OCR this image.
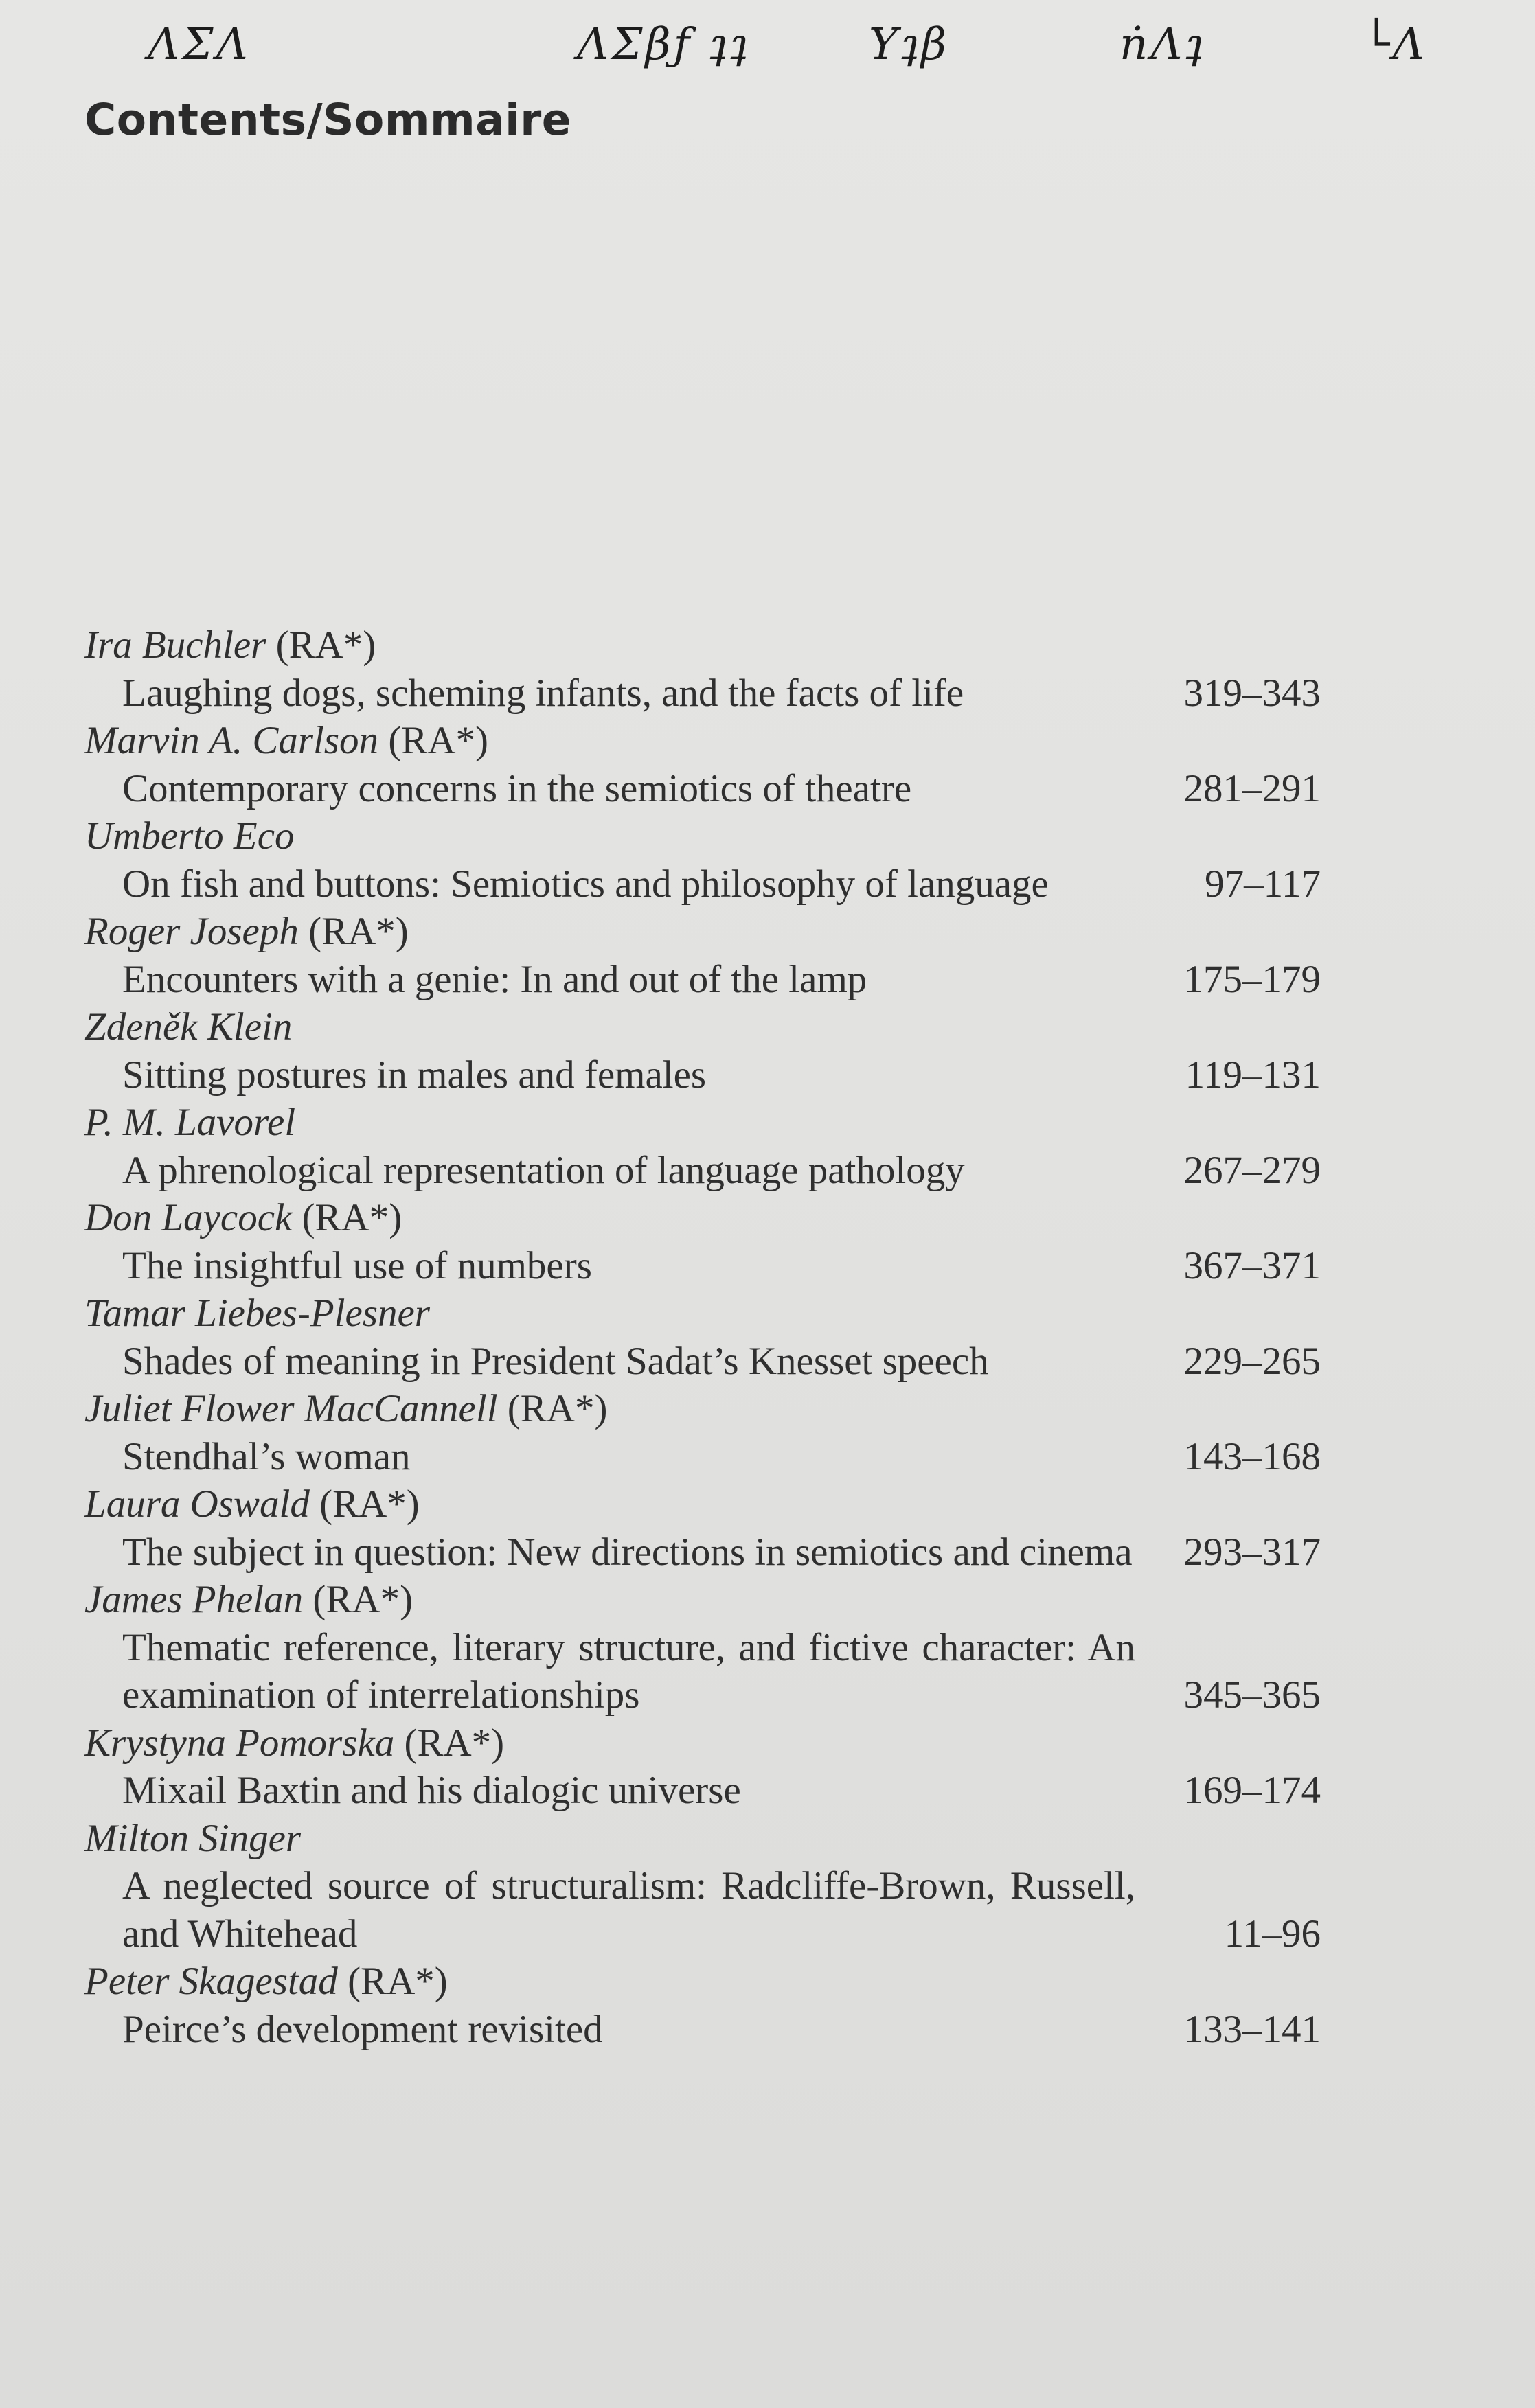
ΛΣΛ	ΛΣβƒ ʇʇ	Υʇβ	ṅΛʇ	└Λ
Contents/Sommaire
Ira Buchler (RA*)
Laughing dogs, scheming infants, and the facts of life	319–343
Marvin A. Carlson (RA*)
Contemporary concerns in the semiotics of theatre	281–291
Umberto Eco
On fish and buttons: Semiotics and philosophy of language	97–117
Roger Joseph (RA*)
Encounters with a genie: In and out of the lamp	175–179
Zdeněk Klein
Sitting postures in males and females	119–131
P. M. Lavorel
A phrenological representation of language pathology	267–279
Don Laycock (RA*)
The insightful use of numbers	367–371
Tamar Liebes-Plesner
Shades of meaning in President Sadat’s Knesset speech	229–265
Juliet Flower MacCannell (RA*)
Stendhal’s woman	143–168
Laura Oswald (RA*)
The subject in question: New directions in semiotics and cinema	293–317
James Phelan (RA*)
Thematic reference, literary structure, and fictive character: An examination of interrelationships	345–365
Krystyna Pomorska (RA*)
Mixail Baxtin and his dialogic universe	169–174
Milton Singer
A neglected source of structuralism: Radcliffe-Brown, Russell, and Whitehead	11–96
Peter Skagestad (RA*)
Peirce’s development revisited	133–141
